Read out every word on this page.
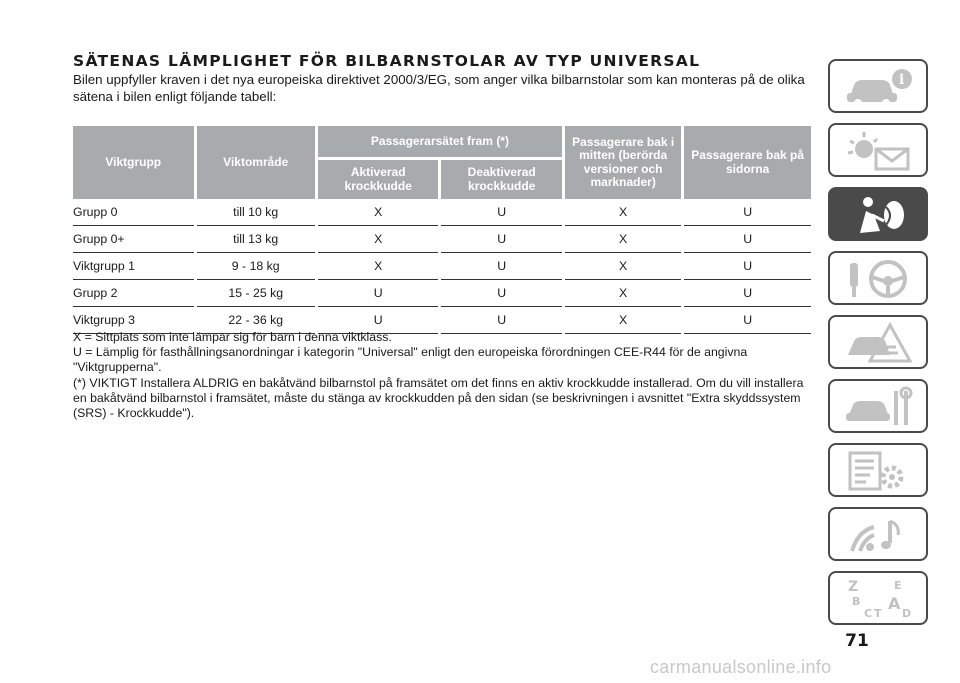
SÄTENAS LÄMPLIGHET FÖR BILBARNSTOLAR AV TYP UNIVERSAL
Bilen uppfyller kraven i det nya europeiska direktivet 2000/3/EG, som anger vilka bilbarnstolar som kan monteras på de olika sätena i bilen enligt följande tabell:
Viktgrupp	Viktområde	Passagerarsätet fram (*)		Passagerare bak i mitten (berörda versioner och marknader)	Passagerare bak på sidorna
		Aktiverad krockkudde	Deaktiverad krockkudde		
Grupp 0	till 10 kg	X	U	X	U
Grupp 0+	till 13 kg	X	U	X	U
Viktgrupp 1	9 - 18 kg	X	U	X	U
Grupp 2	15 - 25 kg	U	U	X	U
Viktgrupp 3	22 - 36 kg	U	U	X	U
X = Sittplats som inte lämpar sig för barn i denna viktklass.
U = Lämplig för fasthållningsanordningar i kategorin "Universal" enligt den europeiska förordningen CEE-R44 för de angivna "Viktgrupperna".
(*) VIKTIGT Installera ALDRIG en bakåtvänd bilbarnstol på framsätet om det finns en aktiv krockkudde installerad. Om du vill installera en bakåtvänd bilbarnstol i framsätet, måste du stänga av krockkudden på den sidan (se beskrivningen i avsnittet "Extra skyddssystem (SRS) - Krockkudde").
i
Z	E ABC T D
71
carmanualsonline.info
